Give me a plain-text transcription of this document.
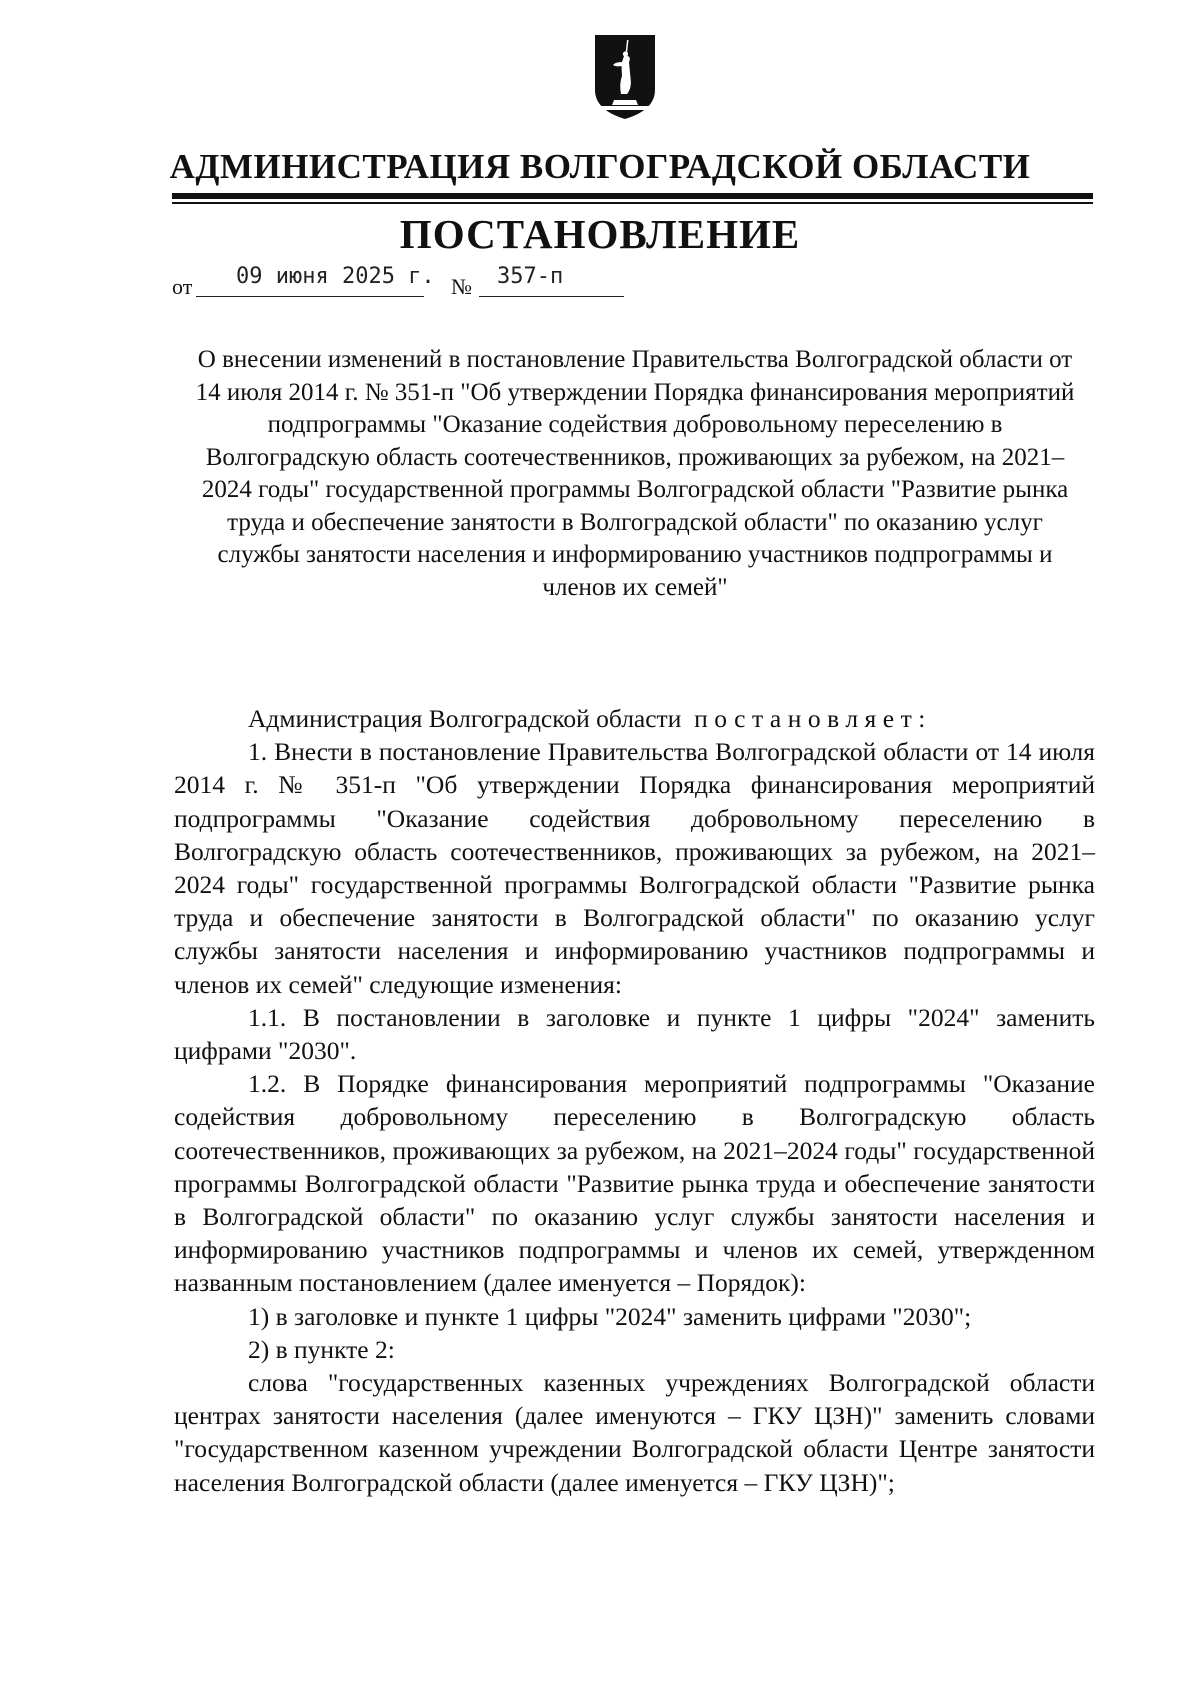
АДМИНИСТРАЦИЯ ВОЛГОГРАДСКОЙ ОБЛАСТИ
ПОСТАНОВЛЕНИЕ
от 09 июня 2025 г. № 357-п

О внесении изменений в постановление Правительства Волгоградской области от 14 июля 2014 г. № 351-п "Об утверждении Порядка финансирования мероприятий подпрограммы "Оказание содействия добровольному переселению в Волгоградскую область соотечественников, проживающих за рубежом, на 2021–2024 годы" государственной программы Волгоградской области "Развитие рынка труда и обеспечение занятости в Волгоградской области" по оказанию услуг службы занятости населения и информированию участников подпрограммы и членов их семей"

Администрация Волгоградской области постановляет:

1. Внести в постановление Правительства Волгоградской области от 14 июля 2014 г. № 351-п "Об утверждении Порядка финансирования мероприятий подпрограммы "Оказание содействия добровольному переселению в Волгоградскую область соотечественников, проживающих за рубежом, на 2021–2024 годы" государственной программы Волгоградской области "Развитие рынка труда и обеспечение занятости в Волгоградской области" по оказанию услуг службы занятости населения и информированию участников подпрограммы и членов их семей" следующие изменения:

1.1. В постановлении в заголовке и пункте 1 цифры "2024" заменить цифрами "2030".

1.2. В Порядке финансирования мероприятий подпрограммы "Оказание содействия добровольному переселению в Волгоградскую область соотечественников, проживающих за рубежом, на 2021–2024 годы" государственной программы Волгоградской области "Развитие рынка труда и обеспечение занятости в Волгоградской области" по оказанию услуг службы занятости населения и информированию участников подпрограммы и членов их семей, утвержденном названным постановлением (далее именуется – Порядок):

1) в заголовке и пункте 1 цифры "2024" заменить цифрами "2030";

2) в пункте 2:

слова "государственных казенных учреждениях Волгоградской области центрах занятости населения (далее именуются – ГКУ ЦЗН)" заменить словами "государственном казенном учреждении Волгоградской области Центре занятости населения Волгоградской области (далее именуется – ГКУ ЦЗН)";
